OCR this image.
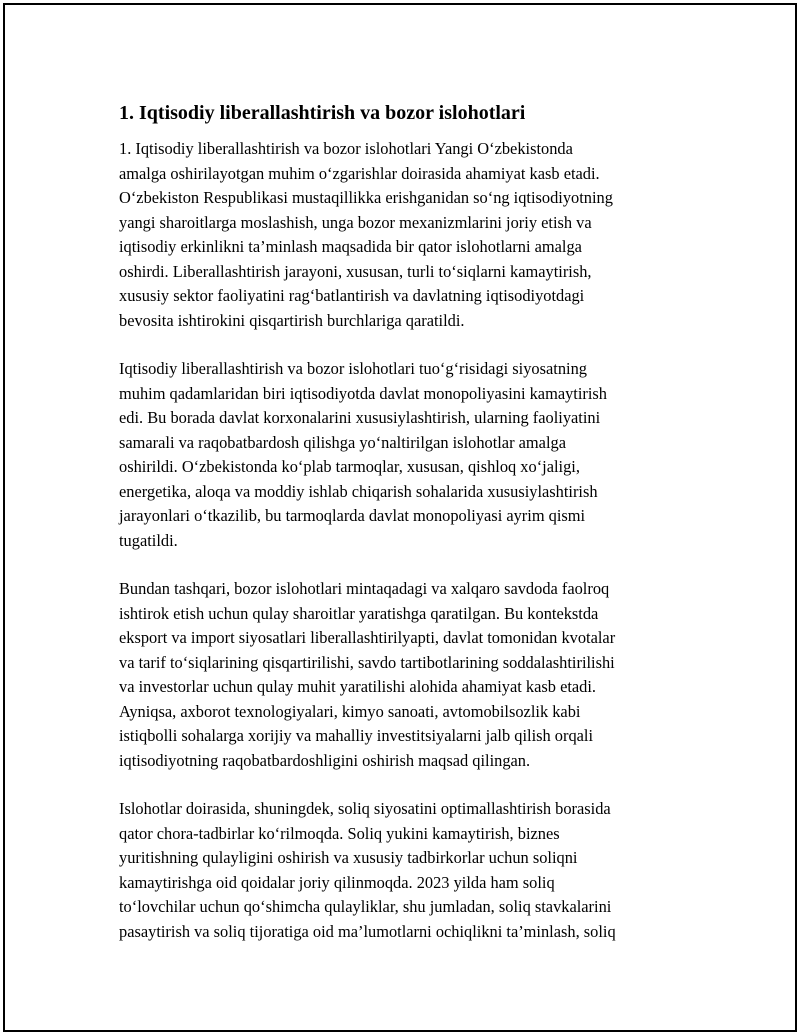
1. Iqtisodiy liberallashtirish va bozor islohotlari

1. Iqtisodiy liberallashtirish va bozor islohotlari Yangi O‘zbekistonda
amalga oshirilayotgan muhim o‘zgarishlar doirasida ahamiyat kasb etadi.
O‘zbekiston Respublikasi mustaqillikka erishganidan so‘ng iqtisodiyotning
yangi sharoitlarga moslashish, unga bozor mexanizmlarini joriy etish va
iqtisodiy erkinlikni ta’minlash maqsadida bir qator islohotlarni amalga
oshirdi. Liberallashtirish jarayoni, xususan, turli to‘siqlarni kamaytirish,
xususiy sektor faoliyatini rag‘batlantirish va davlatning iqtisodiyotdagi
bevosita ishtirokini qisqartirish burchlariga qaratildi.

Iqtisodiy liberallashtirish va bozor islohotlari tuo‘g‘risidagi siyosatning
muhim qadamlaridan biri iqtisodiyotda davlat monopoliyasini kamaytirish
edi. Bu borada davlat korxonalarini xususiylashtirish, ularning faoliyatini
samarali va raqobatbardosh qilishga yo‘naltirilgan islohotlar amalga
oshirildi. O‘zbekistonda ko‘plab tarmoqlar, xususan, qishloq xo‘jaligi,
energetika, aloqa va moddiy ishlab chiqarish sohalarida xususiylashtirish
jarayonlari o‘tkazilib, bu tarmoqlarda davlat monopoliyasi ayrim qismi
tugatildi.

Bundan tashqari, bozor islohotlari mintaqadagi va xalqaro savdoda faolroq
ishtirok etish uchun qulay sharoitlar yaratishga qaratilgan. Bu kontekstda
eksport va import siyosatlari liberallashtirilyapti, davlat tomonidan kvotalar
va tarif to‘siqlarining qisqartirilishi, savdo tartibotlarining soddalashtirilishi
va investorlar uchun qulay muhit yaratilishi alohida ahamiyat kasb etadi.
Ayniqsa, axborot texnologiyalari, kimyo sanoati, avtomobilsozlik kabi
istiqbolli sohalarga xorijiy va mahalliy investitsiyalarni jalb qilish orqali
iqtisodiyotning raqobatbardoshligini oshirish maqsad qilingan.

Islohotlar doirasida, shuningdek, soliq siyosatini optimallashtirish borasida
qator chora-tadbirlar ko‘rilmoqda. Soliq yukini kamaytirish, biznes
yuritishning qulayligini oshirish va xususiy tadbirkorlar uchun soliqni
kamaytirishga oid qoidalar joriy qilinmoqda. 2023 yilda ham soliq
to‘lovchilar uchun qo‘shimcha qulayliklar, shu jumladan, soliq stavkalarini
pasaytirish va soliq tijoratiga oid ma’lumotlarni ochiqlikni ta’minlash, soliq
